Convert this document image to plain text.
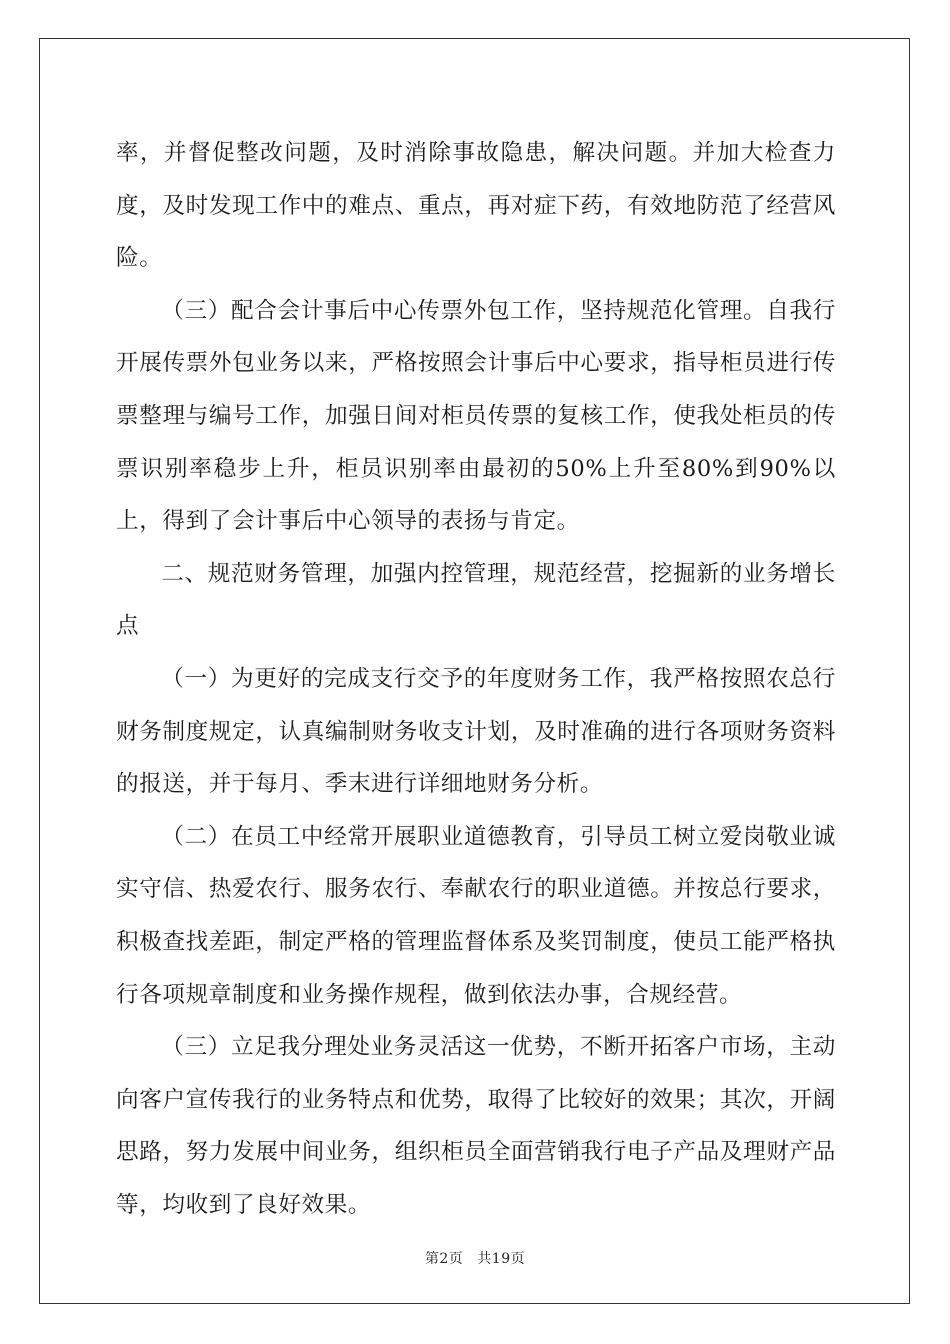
率，并督促整改问题，及时消除事故隐患，解决问题。并加大检查力度，及时发现工作中的难点、重点，再对症下药，有效地防范了经营风险。

（三）配合会计事后中心传票外包工作，坚持规范化管理。自我行开展传票外包业务以来，严格按照会计事后中心要求，指导柜员进行传票整理与编号工作，加强日间对柜员传票的复核工作，使我处柜员的传票识别率稳步上升，柜员识别率由最初的50%上升至80%到90%以上，得到了会计事后中心领导的表扬与肯定。

二、规范财务管理，加强内控管理，规范经营，挖掘新的业务增长点

（一）为更好的完成支行交予的年度财务工作，我严格按照农总行财务制度规定，认真编制财务收支计划，及时准确的进行各项财务资料的报送，并于每月、季末进行详细地财务分析。

（二）在员工中经常开展职业道德教育，引导员工树立爱岗敬业诚实守信、热爱农行、服务农行、奉献农行的职业道德。并按总行要求，积极查找差距，制定严格的管理监督体系及奖罚制度，使员工能严格执行各项规章制度和业务操作规程，做到依法办事，合规经营。

（三）立足我分理处业务灵活这一优势，不断开拓客户市场，主动向客户宣传我行的业务特点和优势，取得了比较好的效果；其次，开阔思路，努力发展中间业务，组织柜员全面营销我行电子产品及理财产品等，均收到了良好效果。

第2页 共19页
